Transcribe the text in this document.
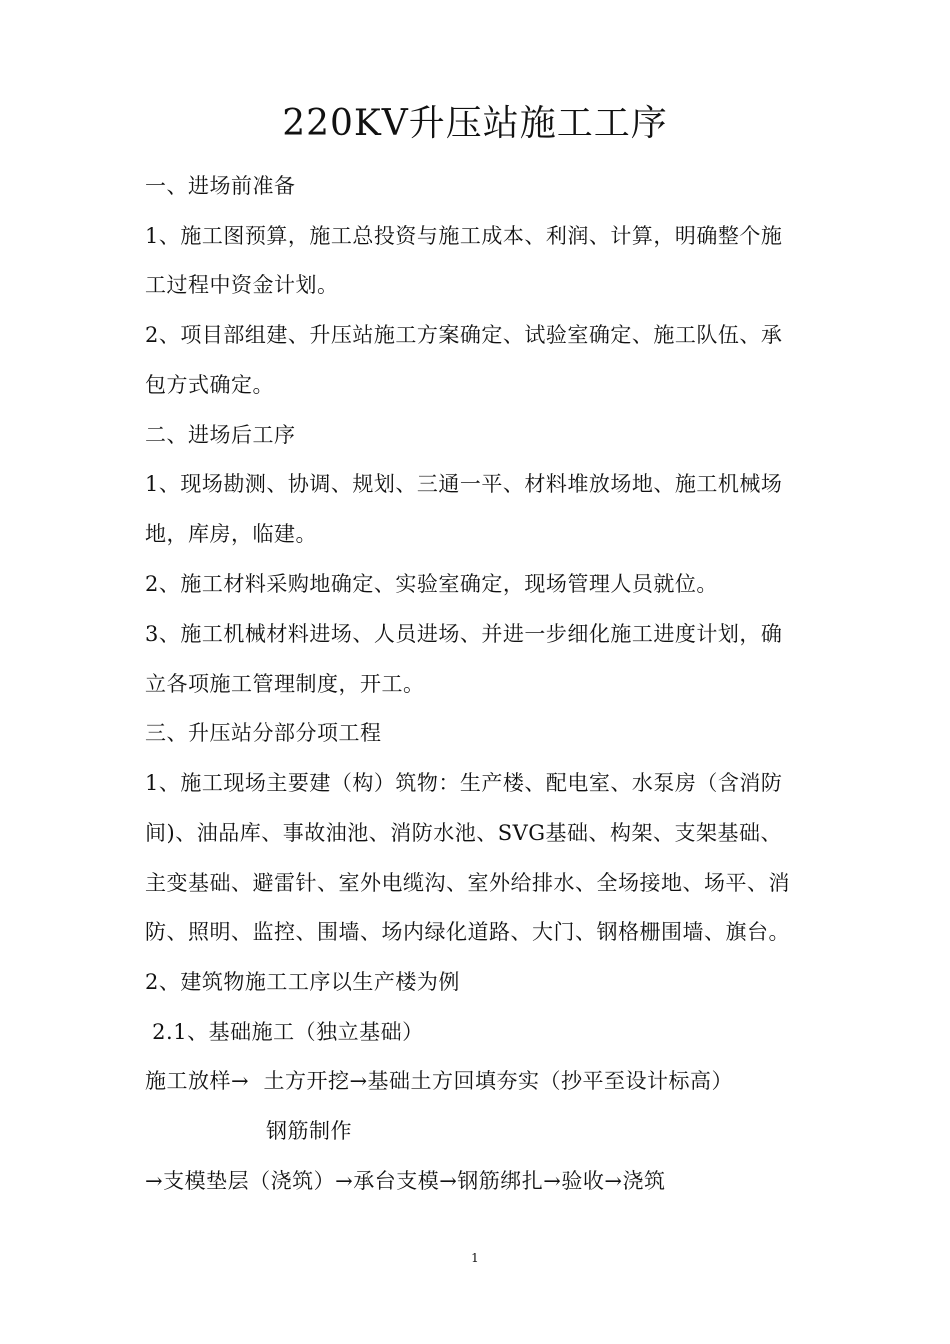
220KV升压站施工工序
一、进场前准备
1、施工图预算，施工总投资与施工成本、利润、计算，明确整个施
工过程中资金计划。
2、项目部组建、升压站施工方案确定、试验室确定、施工队伍、承
包方式确定。
二、进场后工序
1、现场勘测、协调、规划、三通一平、材料堆放场地、施工机械场
地，库房，临建。
2、施工材料采购地确定、实验室确定，现场管理人员就位。
3、施工机械材料进场、人员进场、并进一步细化施工进度计划，确
立各项施工管理制度，开工。
三、升压站分部分项工程
1、施工现场主要建（构）筑物：生产楼、配电室、水泵房（含消防
间)、油品库、事故油池、消防水池、SVG基础、构架、支架基础、
主变基础、避雷针、室外电缆沟、室外给排水、全场接地、场平、消
防、照明、监控、围墙、场内绿化道路、大门、钢格栅围墙、旗台。
2、建筑物施工工序以生产楼为例
2.1、基础施工（独立基础）
施工放样→  土方开挖→基础土方回填夯实（抄平至设计标高）
钢筋制作
→支模垫层（浇筑）→承台支模→钢筋绑扎→验收→浇筑
1
